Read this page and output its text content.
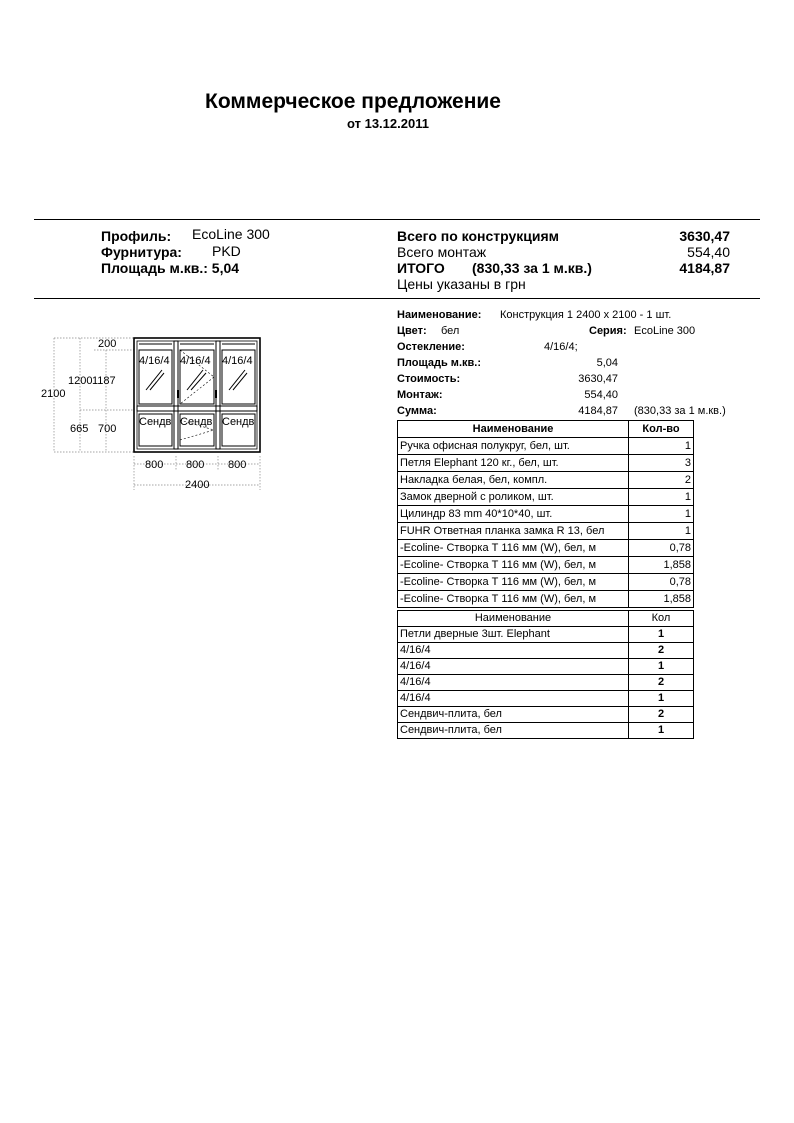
Коммерческое предложение
от 13.12.2011
Профиль: EcoLine 300
Фурнитура: PKD
Площадь м.кв.: 5,04
Всего по конструкциям	3630,47
Всего монтаж	554,40
ИТОГО (830,33 за 1 м.кв.)	4184,87
Цены указаны в грн
200
1200 1187
2100
665 700
4/16/4 4/16/4 4/16/4
Сендв Сендв Сендв
800 800 800
2400
Наименование: Конструкция 1 2400 x 2100 - 1 шт.
Цвет: бел	Серия: EcoLine 300
Остекление:	4/16/4;
Площадь м.кв.:	5,04
Стоимость:	3630,47
Монтаж:	554,40
Сумма:	4184,87 (830,33 за 1 м.кв.)
Наименование	Кол-во
Ручка офисная полукруг, бел, шт.	1
Петля Elephant 120 кг., бел, шт.	3
Накладка белая, бел, компл.	2
Замок дверной с роликом, шт.	1
Цилиндр 83 mm 40*10*40, шт.	1
FUHR Ответная планка замка R 13, бел	1
-Ecoline- Створка Т 116 мм (W), бел, м	0,78
-Ecoline- Створка Т 116 мм (W), бел, м	1,858
-Ecoline- Створка Т 116 мм (W), бел, м	0,78
-Ecoline- Створка Т 116 мм (W), бел, м	1,858
Наименование	Кол
Петли дверные 3шт. Elephant	1
4/16/4	2
4/16/4	1
4/16/4	2
4/16/4	1
Сендвич-плита, бел	2
Сендвич-плита, бел	1
